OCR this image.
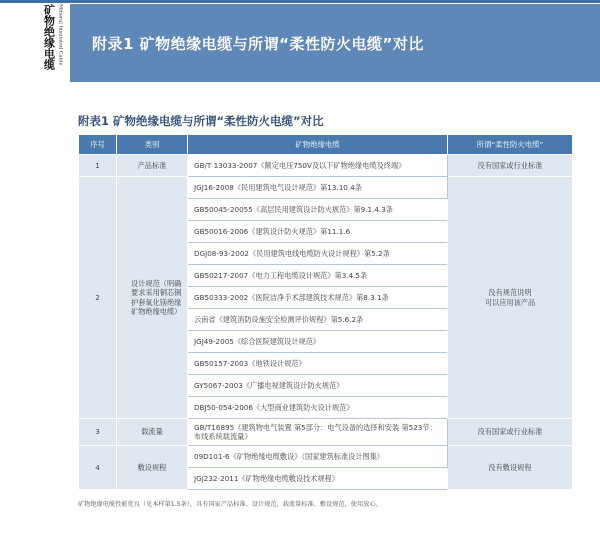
矿物绝缘电缆 Mineral Insulated Cable 附录1 矿物绝缘电缆与所谓“柔性防火电缆”对比
附表1 矿物绝缘电缆与所谓“柔性防火电缆”对比
序号	类别	矿物绝缘电缆	所谓“柔性防火电缆”
1	产品标准	GB/T 13033-2007《额定电压750V及以下矿物绝缘电缆及终端》	没有国家或行业标准
2	设计规范（明确要求采用铜芯铜护套氧化镁绝缘矿物绝缘电缆）	JGJ16-2008《民用建筑电气设计规范》第13.10.4条	没有规范说明
可以应用该产品
		GB50045-20055《高层民用建筑设计防火规范》第9.1.4.3条	
		GB50016-2006《建筑设计防火规范》第11.1.6	
		DGJ08-93-2002《民用建筑电线电缆防火设计规程》第5.2条	
		GB50217-2007《电力工程电缆设计规范》第3.4.5条	
		GB50333-2002《医院洁净手术部建筑技术规范》第8.3.1条	
		云南省《建筑消防设施安全检测评价规程》第5.6.2条	
		JGJ49-2005《综合医院建筑设计规范》	
		GB50157-2003《地铁设计规范》	
		GY5067-2003《广播电视建筑设计防火规范》	
		DBJ50-054-2006《大型商业建筑防火设计规范》	
3	载流量	GB/T16895《建筑物电气装置 第5部分：电气设备的选择和安装 第523节：布线系统载流量》	没有国家或行业标准
4	敷设规程	09D101-6《矿物绝缘电缆敷设》（国家建筑标准设计图集）	没有敷设规程
		JGJ232-2011《矿物绝缘电缆敷设技术规程》	
矿物绝缘电缆性能优良（见本样第1.5条），具有国家产品标准、设计规范、载流量标准、敷设规范，使用放心。
